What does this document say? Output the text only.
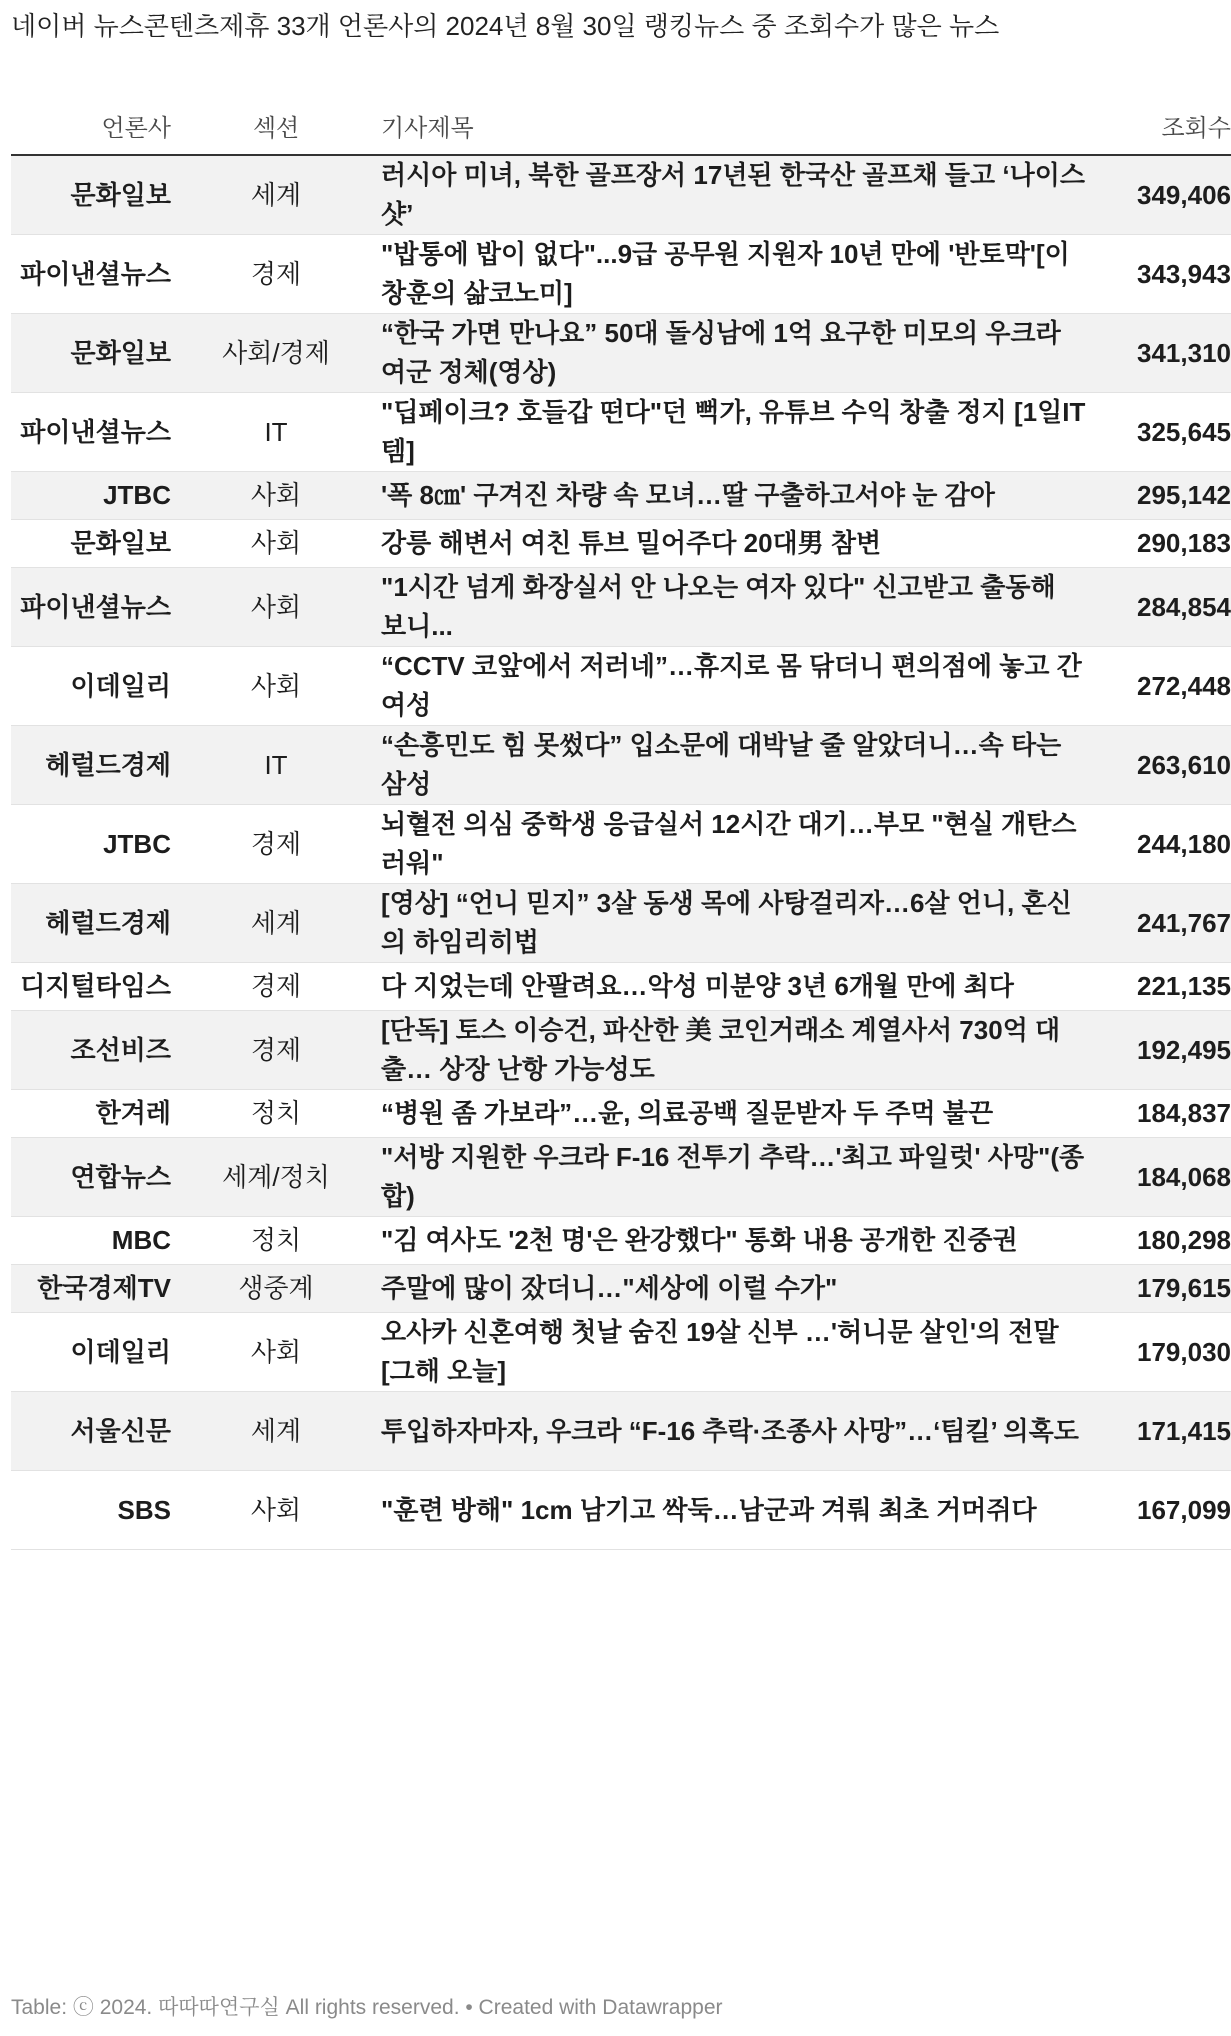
네이버 뉴스콘텐츠제휴 33개 언론사의 2024년 8월 30일 랭킹뉴스 중 조회수가 많은 뉴스
언론사	섹션	기사제목	조회수
문화일보	세계	러시아 미녀, 북한 골프장서 17년된 한국산 골프채 들고 ‘나이스샷’	349,406
파이낸셜뉴스	경제	"밥통에 밥이 없다"...9급 공무원 지원자 10년 만에 '반토막'[이창훈의 삶코노미]	343,943
문화일보	사회/경제	“한국 가면 만나요” 50대 돌싱남에 1억 요구한 미모의 우크라 여군 정체(영상)	341,310
파이낸셜뉴스	IT	"딥페이크? 호들갑 떤다"던 뻑가, 유튜브 수익 창출 정지 [1일IT템]	325,645
JTBC	사회	'폭 8㎝' 구겨진 차량 속 모녀…딸 구출하고서야 눈 감아	295,142
문화일보	사회	강릉 해변서 여친 튜브 밀어주다 20대男 참변	290,183
파이낸셜뉴스	사회	"1시간 넘게 화장실서 안 나오는 여자 있다" 신고받고 출동해 보니...	284,854
이데일리	사회	“CCTV 코앞에서 저러네”…휴지로 몸 닦더니 편의점에 놓고 간 여성	272,448
헤럴드경제	IT	“손흥민도 힘 못썼다” 입소문에 대박날 줄 알았더니…속 타는 삼성	263,610
JTBC	경제	뇌혈전 의심 중학생 응급실서 12시간 대기…부모 "현실 개탄스러워"	244,180
헤럴드경제	세계	[영상] “언니 믿지” 3살 동생 목에 사탕걸리자…6살 언니, 혼신의 하임리히법	241,767
디지털타임스	경제	다 지었는데 안팔려요…악성 미분양 3년 6개월 만에 최다	221,135
조선비즈	경제	[단독] 토스 이승건, 파산한 美 코인거래소 계열사서 730억 대출… 상장 난항 가능성도	192,495
한겨레	정치	“병원 좀 가보라”…윤, 의료공백 질문받자 두 주먹 불끈	184,837
연합뉴스	세계/정치	"서방 지원한 우크라 F-16 전투기 추락…'최고 파일럿' 사망"(종합)	184,068
MBC	정치	"김 여사도 '2천 명'은 완강했다" 통화 내용 공개한 진중권	180,298
한국경제TV	생중계	주말에 많이 잤더니…"세상에 이럴 수가"	179,615
이데일리	사회	오사카 신혼여행 첫날 숨진 19살 신부 …'허니문 살인'의 전말[그해 오늘]	179,030
서울신문	세계	투입하자마자, 우크라 “F-16 추락·조종사 사망”…‘팀킬’ 의혹도	171,415
SBS	사회	"훈련 방해" 1cm 남기고 싹둑…남군과 겨뤄 최초 거머쥐다	167,099
Table: ⓒ 2024. 따따따연구실 All rights reserved. • Created with Datawrapper
